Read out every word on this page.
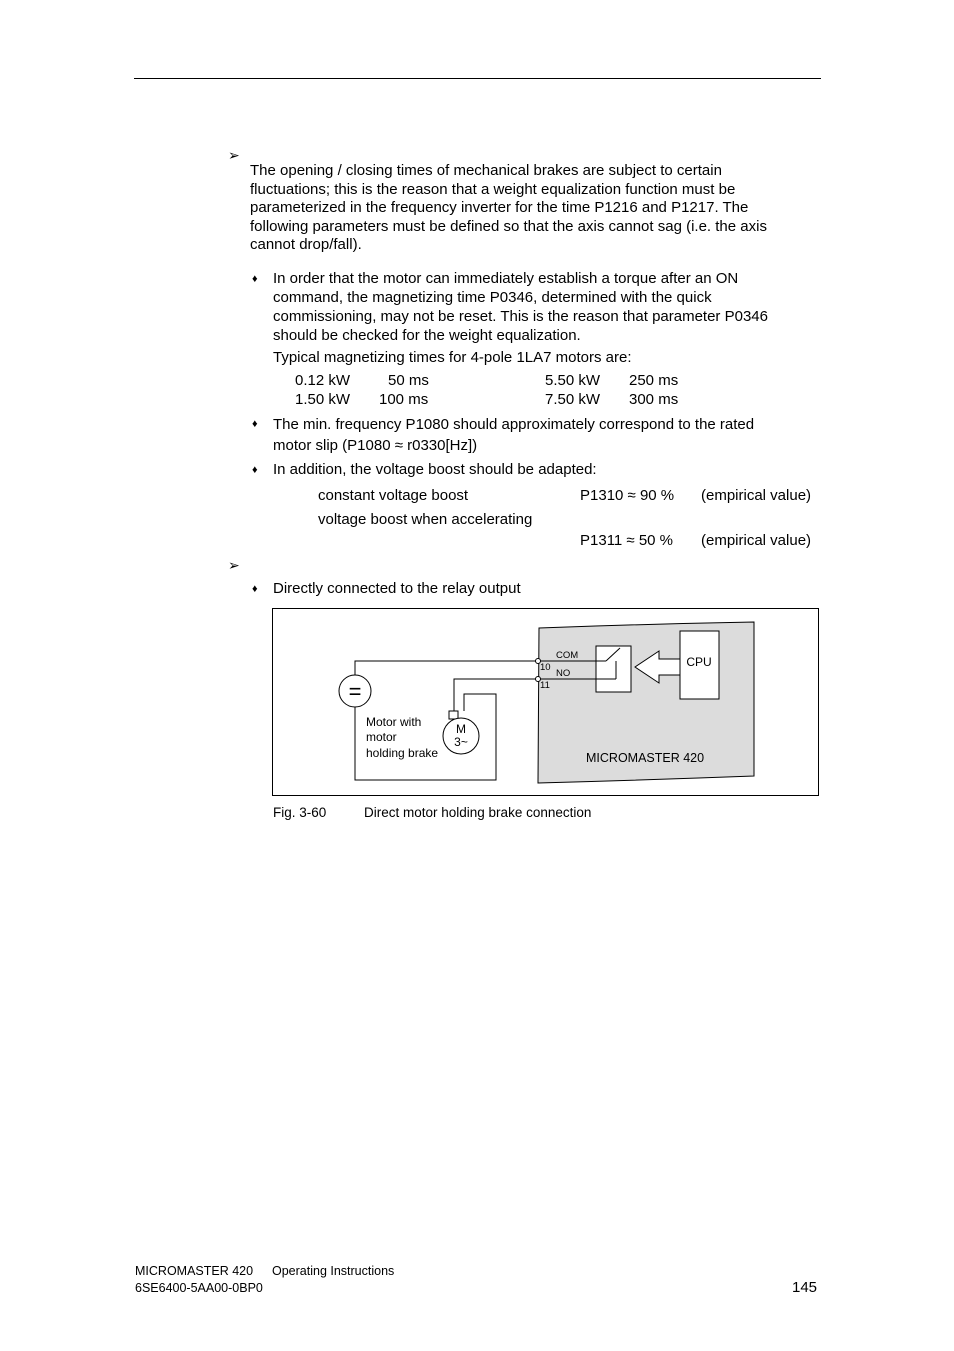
➢
The opening / closing times of mechanical brakes are subject to certain
fluctuations; this is the reason that a weight equalization function must be
parameterized in the frequency inverter for the time P1216 and P1217. The
following parameters must be defined so that the axis cannot sag (i.e. the axis
cannot drop/fall).
♦ In order that the motor can immediately establish a torque after an ON
command, the magnetizing time P0346, determined with the quick
commissioning, may not be reset. This is the reason that parameter P0346
should be checked for the weight equalization.
Typical magnetizing times for 4-pole 1LA7 motors are:
0.12 kW	50 ms	5.50 kW 250 ms
1.50 kW 100 ms	7.50 kW 300 ms
♦ The min. frequency P1080 should approximately correspond to the rated
motor slip (P1080 ≈ r0330[Hz])
♦ In addition, the voltage boost should be adapted:
constant voltage boost	P1310 ≈ 90 % (empirical value)
voltage boost when accelerating
P1311 ≈ 50 % (empirical value)
➢
♦ Directly connected to the relay output
CPU
COM
NO
10
11
=
M
3~
Motor with
motor
holding brake	MICROMASTER 420
Fig. 3-60	Direct motor holding brake connection
MICROMASTER 420 Operating Instructions
6SE6400-5AA00-0BP0	145
